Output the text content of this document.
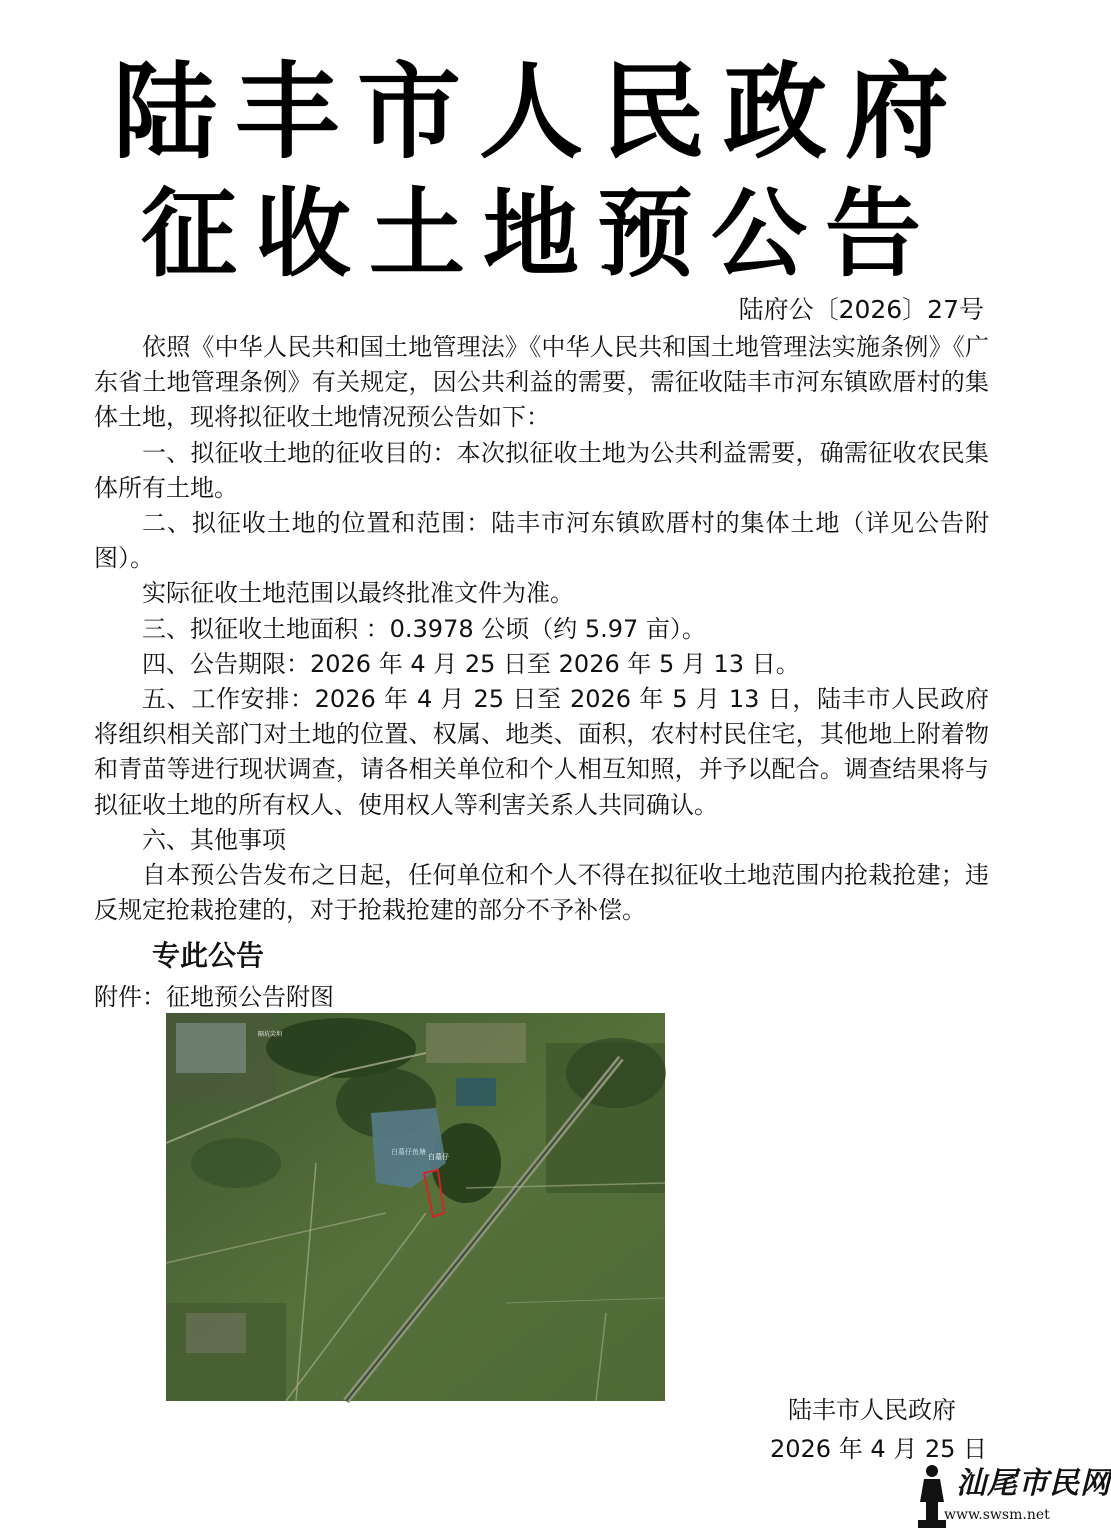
陆丰市人民政府
征收土地预公告
陆府公〔2026〕27号

依照《中华人民共和国土地管理法》《中华人民共和国土地管理法实施条例》《广东省土地管理条例》有关规定，因公共利益的需要，需征收陆丰市河东镇欧厝村的集体土地，现将拟征收土地情况预公告如下：

一、拟征收土地的征收目的：本次拟征收土地为公共利益需要，确需征收农民集体所有土地。

二、拟征收土地的位置和范围：陆丰市河东镇欧厝村的集体土地（详见公告附图）。

实际征收土地范围以最终批准文件为准。

三、拟征收土地面积 ：0.3978 公顷（约 5.97 亩）。

四、公告期限：2026 年 4 月 25 日至 2026 年 5 月 13 日。

五、工作安排：2026 年 4 月 25 日至 2026 年 5 月 13 日，陆丰市人民政府将组织相关部门对土地的位置、权属、地类、面积，农村村民住宅，其他地上附着物和青苗等进行现状调查，请各相关单位和个人相互知照，并予以配合。调查结果将与拟征收土地的所有权人、使用权人等利害关系人共同确认。

六、其他事项

自本预公告发布之日起，任何单位和个人不得在拟征收土地范围内抢栽抢建；违反规定抢栽抢建的，对于抢栽抢建的部分不予补偿。

专此公告
附件：征地预公告附图
白墓仔鱼塘
白墓仔
隔坑尖圳
陆丰市人民政府
2026 年 4 月 25 日
汕尾市民网
www.swsm.net
